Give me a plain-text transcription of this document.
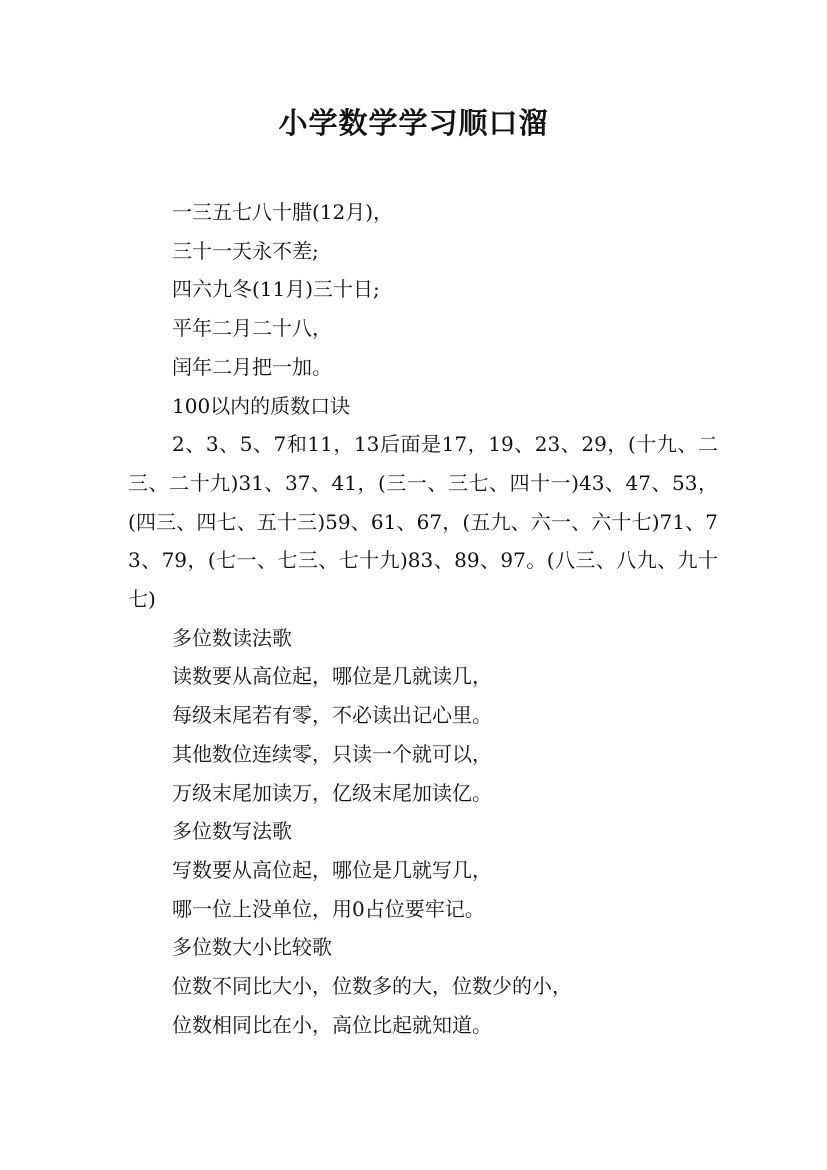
小学数学学习顺口溜

一三五七八十腊(12月)，

三十一天永不差;

四六九冬(11月)三十日;

平年二月二十八，

闰年二月把一加。

100以内的质数口诀

2、3、5、7和11，13后面是17，19、23、29，(十九、二三、二十九)31、37、41，(三一、三七、四十一)43、47、53，(四三、四七、五十三)59、61、67，(五九、六一、六十七)71、73、79，(七一、七三、七十九)83、89、97。(八三、八九、九十七)

多位数读法歌

读数要从高位起，哪位是几就读几，

每级末尾若有零，不必读出记心里。

其他数位连续零，只读一个就可以，

万级末尾加读万，亿级末尾加读亿。

多位数写法歌

写数要从高位起，哪位是几就写几，

哪一位上没单位，用0占位要牢记。

多位数大小比较歌

位数不同比大小，位数多的大，位数少的小，

位数相同比在小，高位比起就知道。
